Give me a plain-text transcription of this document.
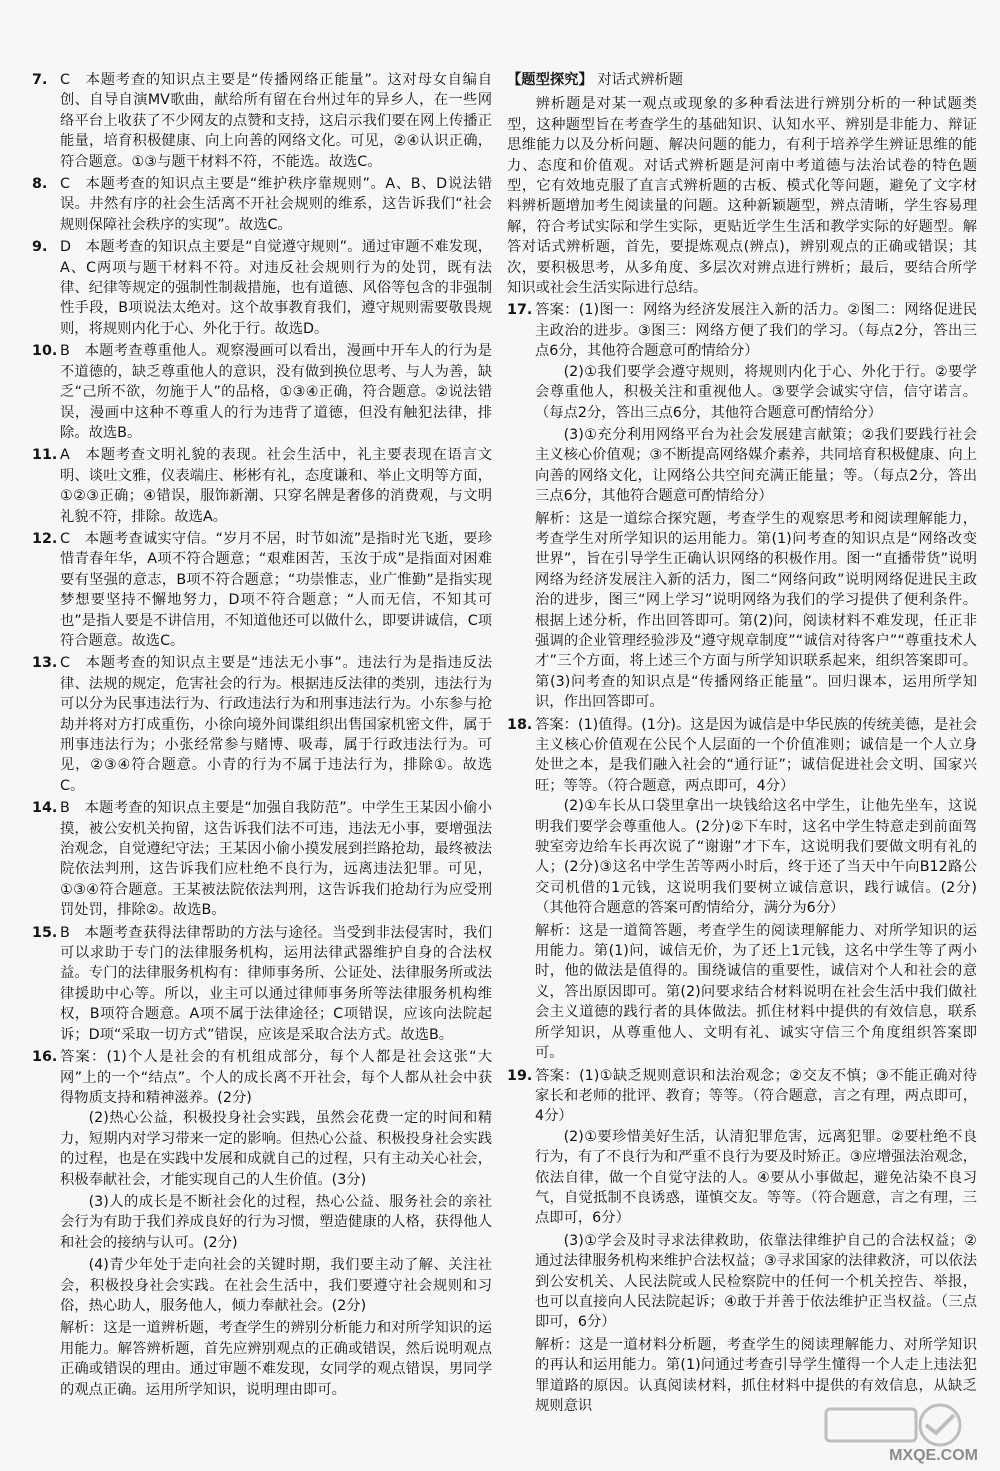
7. C　本题考查的知识点主要是“传播网络正能量”。这对母女自编自创、自导自演MV歌曲，献给所有留在台州过年的异乡人，在一些网络平台上收获了不少网友的点赞和支持，这启示我们要在网上传播正能量，培育积极健康、向上向善的网络文化。可见，②④认识正确，符合题意。①③与题干材料不符，不能选。故选C。
8. C　本题考查的知识点主要是“维护秩序靠规则”。A、B、D说法错误。井然有序的社会生活离不开社会规则的维系，这告诉我们“社会规则保障社会秩序的实现”。故选C。
9. D　本题考查的知识点主要是“自觉遵守规则”。通过审题不难发现，A、C两项与题干材料不符。对违反社会规则行为的处罚，既有法律、纪律等规定的强制性制裁措施，也有道德、风俗等包含的非强制性手段，B项说法太绝对。这个故事教育我们，遵守规则需要敬畏规则，将规则内化于心、外化于行。故选D。
10. B　本题考查尊重他人。观察漫画可以看出，漫画中开车人的行为是不道德的，缺乏尊重他人的意识，没有做到换位思考、与人为善，缺乏“己所不欲，勿施于人”的品格，①③④正确，符合题意。②说法错误，漫画中这种不尊重人的行为违背了道德，但没有触犯法律，排除。故选B。
11. A　本题考查文明礼貌的表现。社会生活中，礼主要表现在语言文明、谈吐文雅，仪表端庄、彬彬有礼，态度谦和、举止文明等方面，①②③正确；④错误，服饰新潮、只穿名牌是奢侈的消费观，与文明礼貌不符，排除。故选A。
12. C　本题考查诚实守信。“岁月不居，时节如流”是指时光飞逝，要珍惜青春年华，A项不符合题意；“艰难困苦，玉汝于成”是指面对困难要有坚强的意志，B项不符合题意；“功崇惟志，业广惟勤”是指实现梦想要坚持不懈地努力，D项不符合题意；“人而无信，不知其可也”是指人要是不讲信用，不知道他还可以做什么，即要讲诚信，C项符合题意。故选C。
13. C　本题考查的知识点主要是“违法无小事”。违法行为是指违反法律、法规的规定，危害社会的行为。根据违反法律的类别，违法行为可以分为民事违法行为、行政违法行为和刑事违法行为。小东参与抢劫并将对方打成重伤，小徐向境外间谍组织出售国家机密文件，属于刑事违法行为；小张经常参与赌博、吸毒，属于行政违法行为。可见，②③④符合题意。小青的行为不属于违法行为，排除①。故选C。
14. B　本题考查的知识点主要是“加强自我防范”。中学生王某因小偷小摸，被公安机关拘留，这告诉我们法不可违，违法无小事，要增强法治观念，自觉遵纪守法；王某因小偷小摸发展到拦路抢劫，最终被法院依法判刑，这告诉我们应杜绝不良行为，远离违法犯罪。可见，①③④符合题意。王某被法院依法判刑，这告诉我们抢劫行为应受刑罚处罚，排除②。故选B。
15. B　本题考查获得法律帮助的方法与途径。当受到非法侵害时，我们可以求助于专门的法律服务机构，运用法律武器维护自身的合法权益。专门的法律服务机构有：律师事务所、公证处、法律服务所或法律援助中心等。所以，业主可以通过律师事务所等法律服务机构维权，B项符合题意。A项不属于法律途径；C项错误，应该向法院起诉；D项“采取一切方式”错误，应该是采取合法方式。故选B。
16. 答案：(1)个人是社会的有机组成部分，每个人都是社会这张“大网”上的一个“结点”。个人的成长离不开社会，每个人都从社会中获得物质支持和精神滋养。(2分)

(2)热心公益，积极投身社会实践，虽然会花费一定的时间和精力，短期内对学习带来一定的影响。但热心公益、积极投身社会实践的过程，也是在实践中发展和成就自己的过程，只有主动关心社会，积极奉献社会，才能实现自己的人生价值。(3分)

(3)人的成长是不断社会化的过程，热心公益、服务社会的亲社会行为有助于我们养成良好的行为习惯，塑造健康的人格，获得他人和社会的接纳与认可。(2分)

(4)青少年处于走向社会的关键时期，我们要主动了解、关注社会，积极投身社会实践。在社会生活中，我们要遵守社会规则和习俗，热心助人，服务他人，倾力奉献社会。(2分)

解析：这是一道辨析题，考查学生的辨别分析能力和对所学知识的运用能力。解答辨析题，首先应辨别观点的正确或错误，然后说明观点正确或错误的理由。通过审题不难发现，女同学的观点错误，男同学的观点正确。运用所学知识，说明理由即可。

【题型探究】 对话式辨析题

辨析题是对某一观点或现象的多种看法进行辨别分析的一种试题类型，这种题型旨在考查学生的基础知识、认知水平、辨别是非能力、辩证思维能力以及分析问题、解决问题的能力，有利于培养学生辨证思维的能力、态度和价值观。对话式辨析题是河南中考道德与法治试卷的特色题型，它有效地克服了直言式辨析题的古板、模式化等问题，避免了文字材料辨析题增加考生阅读量的问题。这种新颖题型，辨点清晰，学生容易理解，符合考试实际和学生实际，更贴近学生生活和教学实际的好题型。解答对话式辨析题，首先，要提炼观点(辨点)，辨别观点的正确或错误；其次，要积极思考，从多角度、多层次对辨点进行辨析；最后，要结合所学知识或社会生活实际进行总结。

17. 答案：(1)图一：网络为经济发展注入新的活力。②图二：网络促进民主政治的进步。③图三：网络方便了我们的学习。（每点2分，答出三点6分，其他符合题意可酌情给分）

(2)①我们要学会遵守规则，将规则内化于心、外化于行。②要学会尊重他人，积极关注和重视他人。③要学会诚实守信，信守诺言。（每点2分，答出三点6分，其他符合题意可酌情给分）

(3)①充分利用网络平台为社会发展建言献策；②我们要践行社会主义核心价值观；③不断提高网络媒介素养，共同培育积极健康、向上向善的网络文化，让网络公共空间充满正能量；等。（每点2分，答出三点6分，其他符合题意可酌情给分）

解析：这是一道综合探究题，考查学生的观察思考和阅读理解能力，考查学生对所学知识的运用能力。第(1)问考查的知识点是“网络改变世界”，旨在引导学生正确认识网络的积极作用。图一“直播带货”说明网络为经济发展注入新的活力，图二“网络问政”说明网络促进民主政治的进步，图三“网上学习”说明网络为我们的学习提供了便利条件。根据上述分析，作出回答即可。第(2)问，阅读材料不难发现，任正非强调的企业管理经验涉及“遵守规章制度”“诚信对待客户”“尊重技术人才”三个方面，将上述三个方面与所学知识联系起来，组织答案即可。第(3)问考查的知识点是“传播网络正能量”。回归课本，运用所学知识，作出回答即可。

18. 答案：(1)值得。(1分)。这是因为诚信是中华民族的传统美德，是社会主义核心价值观在公民个人层面的一个价值准则；诚信是一个人立身处世之本，是我们融入社会的“通行证”；诚信促进社会文明、国家兴旺；等等。（符合题意，两点即可，4分）

(2)①车长从口袋里拿出一块钱给这名中学生，让他先坐车，这说明我们要学会尊重他人。(2分)②下车时，这名中学生特意走到前面驾驶室旁边给车长再次说了“谢谢”才下车，这说明我们要做文明有礼的人；(2分)③这名中学生苦等两小时后，终于还了当天中午向B12路公交司机借的1元钱，这说明我们要树立诚信意识，践行诚信。(2分)（其他符合题意的答案可酌情给分，满分为6分）

解析：这是一道简答题，考查学生的阅读理解能力、对所学知识的运用能力。第(1)问，诚信无价，为了还上1元钱，这名中学生等了两小时，他的做法是值得的。围绕诚信的重要性，诚信对个人和社会的意义，答出原因即可。第(2)问要求结合材料说明在社会生活中我们做社会主义道德的践行者的具体做法。抓住材料中提供的有效信息，联系所学知识，从尊重他人、文明有礼、诚实守信三个角度组织答案即可。

19. 答案：(1)①缺乏规则意识和法治观念；②交友不慎；③不能正确对待家长和老师的批评、教育；等等。（符合题意，言之有理，两点即可，4分）

(2)①要珍惜美好生活，认清犯罪危害，远离犯罪。②要杜绝不良行为，有了不良行为和严重不良行为要及时矫正。③应增强法治观念，依法自律，做一个自觉守法的人。④要从小事做起，避免沾染不良习气，自觉抵制不良诱惑，谨慎交友。等等。（符合题意，言之有理，三点即可，6分）

(3)①学会及时寻求法律救助，依靠法律维护自己的合法权益；②通过法律服务机构来维护合法权益；③寻求国家的法律救济，可以依法到公安机关、人民法院或人民检察院中的任何一个机关控告、举报，也可以直接向人民法院起诉；④敢于并善于依法维护正当权益。（三点即可，6分）

解析：这是一道材料分析题，考查学生的阅读理解能力、对所学知识的再认和运用能力。第(1)问通过考查引导学生懂得一个人走上违法犯罪道路的原因。认真阅读材料，抓住材料中提供的有效信息，从缺乏规则意识

MXQE.COM
